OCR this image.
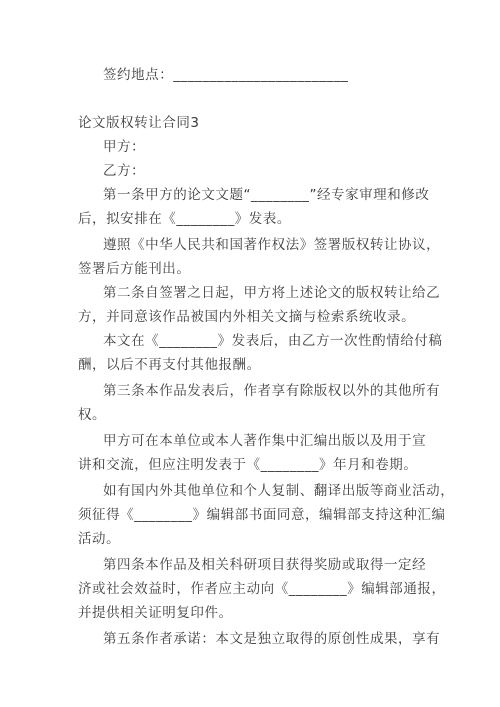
签约地点：________________________
论文版权转让合同3
甲方：
乙方：
第一条甲方的论文文题“________”经专家审理和修改
后，拟安排在《________》发表。
遵照《中华人民共和国著作权法》签署版权转让协议，
签署后方能刊出。
第二条自签署之日起，甲方将上述论文的版权转让给乙
方，并同意该作品被国内外相关文摘与检索系统收录。
本文在《________》发表后，由乙方一次性酌情给付稿
酬，以后不再支付其他报酬。
第三条本作品发表后，作者享有除版权以外的其他所有
权。
甲方可在本单位或本人著作集中汇编出版以及用于宣
讲和交流，但应注明发表于《________》年月和卷期。
如有国内外其他单位和个人复制、翻译出版等商业活动，
须征得《________》编辑部书面同意，编辑部支持这种汇编
活动。
第四条本作品及相关科研项目获得奖励或取得一定经
济或社会效益时，作者应主动向《________》编辑部通报，
并提供相关证明复印件。
第五条作者承诺：本文是独立取得的原创性成果，享有
